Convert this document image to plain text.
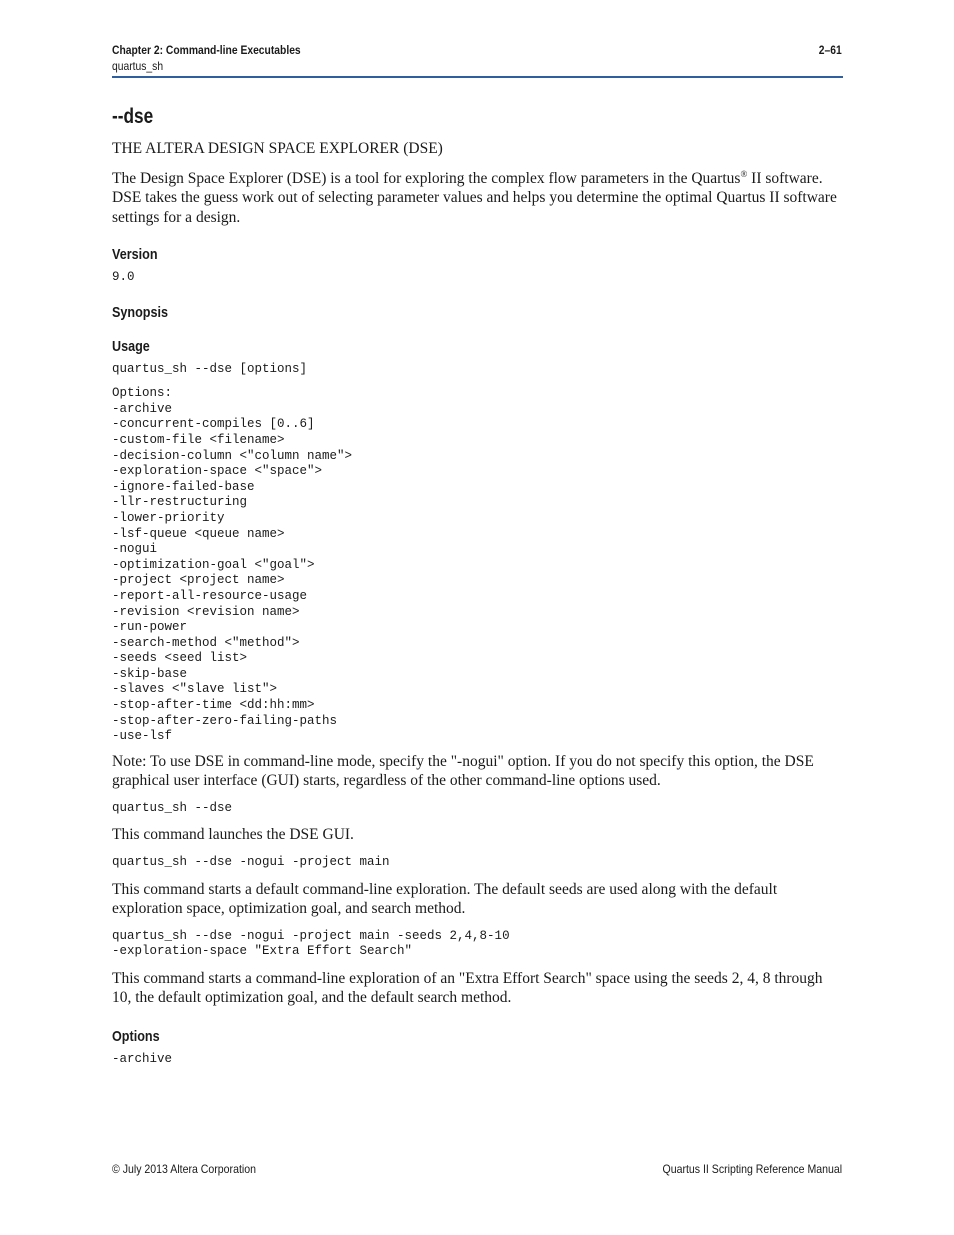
Chapter 2: Command-line Executables	2–61
quartus_sh
--dse

THE ALTERA DESIGN SPACE EXPLORER (DSE)

The Design Space Explorer (DSE) is a tool for exploring the complex flow parameters in the Quartus® II software. DSE takes the guess work out of selecting parameter values and helps you determine the optimal Quartus II software settings for a design.

Version
9.0
Synopsis
Usage
quartus_sh --dse [options]
Options:
-archive
-concurrent-compiles [0..6]
-custom-file <filename>
-decision-column <"column name">
-exploration-space <"space">
-ignore-failed-base
-llr-restructuring
-lower-priority
-lsf-queue <queue name>
-nogui
-optimization-goal <"goal">
-project <project name>
-report-all-resource-usage
-revision <revision name>
-run-power
-search-method <"method">
-seeds <seed list>
-skip-base
-slaves <"slave list">
-stop-after-time <dd:hh:mm>
-stop-after-zero-failing-paths
-use-lsf

Note: To use DSE in command-line mode, specify the "-nogui" option. If you do not specify this option, the DSE graphical user interface (GUI) starts, regardless of the other command-line options used.

quartus_sh --dse

This command launches the DSE GUI.

quartus_sh --dse -nogui -project main

This command starts a default command-line exploration. The default seeds are used along with the default exploration space, optimization goal, and search method.

quartus_sh --dse -nogui -project main -seeds 2,4,8-10
-exploration-space "Extra Effort Search"

This command starts a command-line exploration of an "Extra Effort Search" space using the seeds 2, 4, 8 through 10, the default optimization goal, and the default search method.

Options
-archive
© July 2013 Altera Corporation	Quartus II Scripting Reference Manual
